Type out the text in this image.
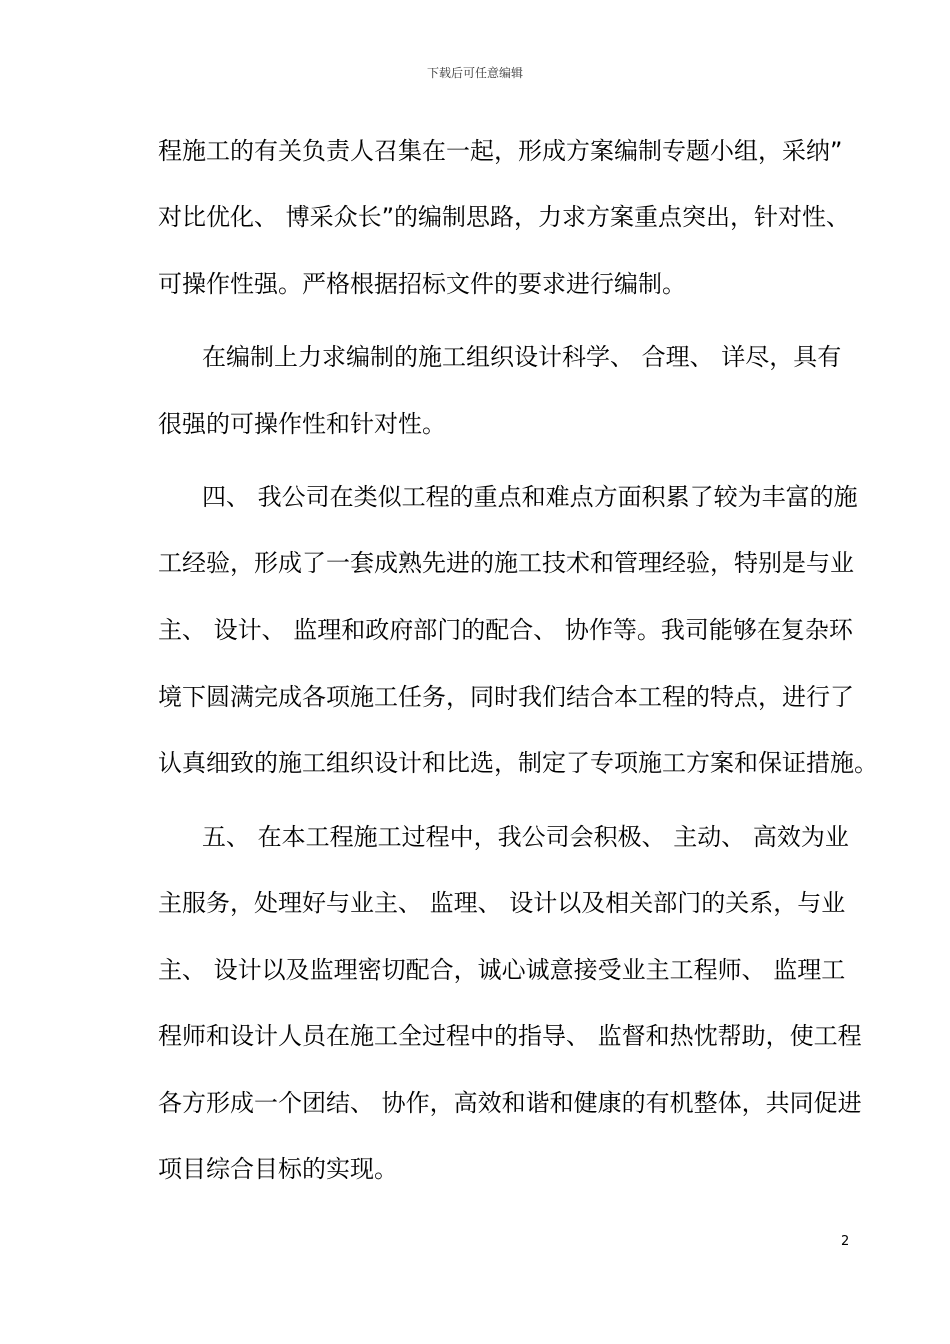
下载后可任意编辑
程施工的有关负责人召集在一起，形成方案编制专题小组，采纳”
对比优化、 博采众长”的编制思路，力求方案重点突出，针对性、
可操作性强。严格根据招标文件的要求进行编制。
在编制上力求编制的施工组织设计科学、 合理、 详尽，具有
很强的可操作性和针对性。
四、 我公司在类似工程的重点和难点方面积累了较为丰富的施
工经验，形成了一套成熟先进的施工技术和管理经验，特别是与业
主、 设计、 监理和政府部门的配合、 协作等。我司能够在复杂环
境下圆满完成各项施工任务，同时我们结合本工程的特点，进行了
认真细致的施工组织设计和比选，制定了专项施工方案和保证措施。
五、 在本工程施工过程中，我公司会积极、 主动、 高效为业
主服务，处理好与业主、 监理、 设计以及相关部门的关系，与业
主、 设计以及监理密切配合，诚心诚意接受业主工程师、 监理工
程师和设计人员在施工全过程中的指导、 监督和热忱帮助，使工程
各方形成一个团结、 协作，高效和谐和健康的有机整体，共同促进
项目综合目标的实现。
2
